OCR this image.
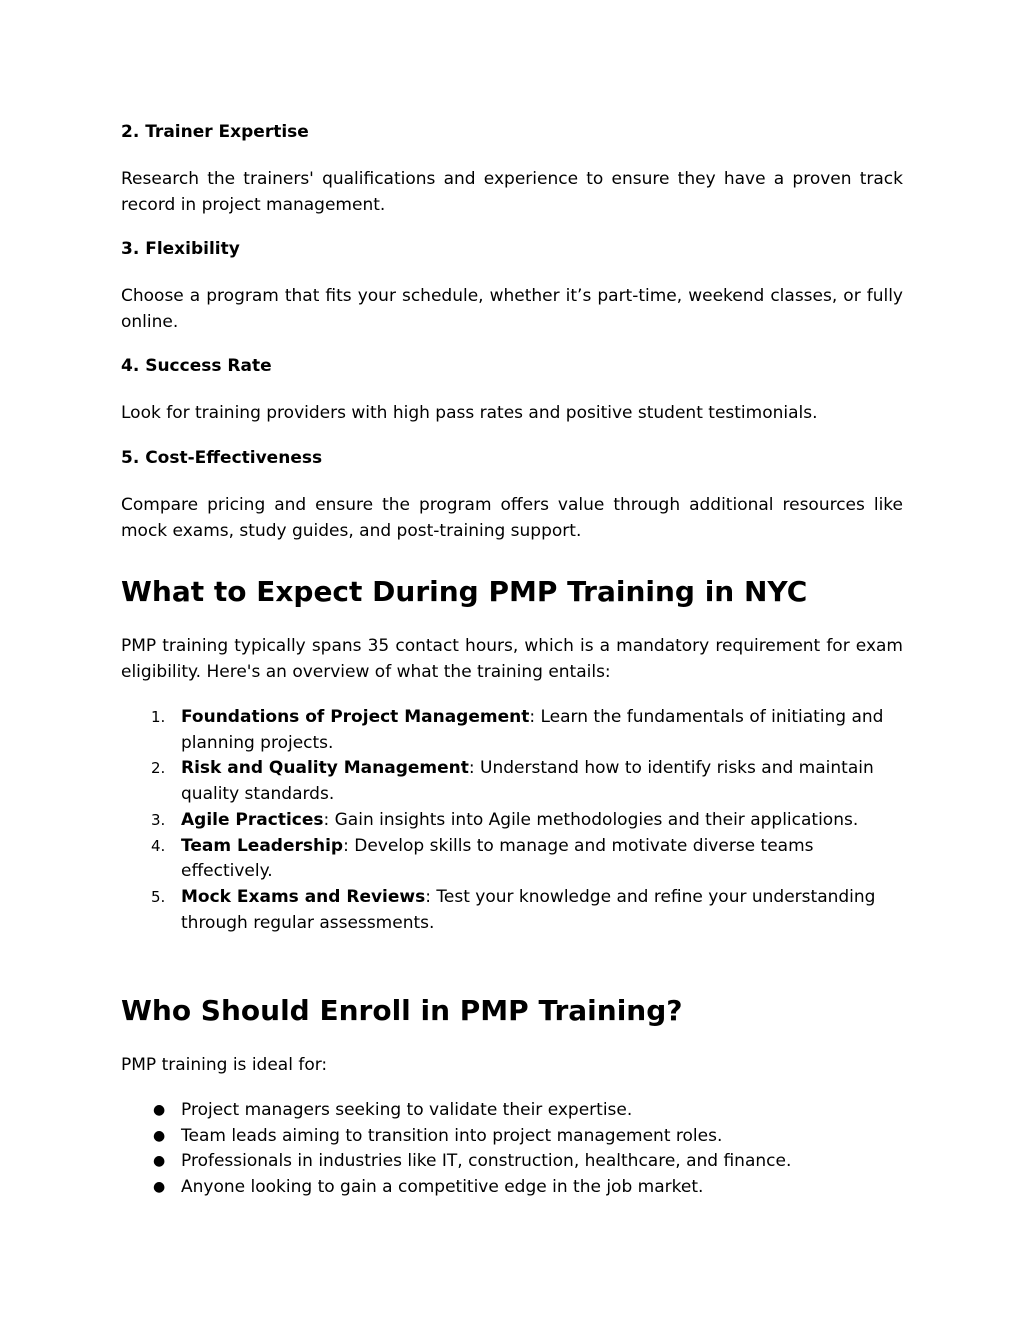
2. Trainer Expertise

Research the trainers' qualifications and experience to ensure they have a proven track record in project management.

3. Flexibility

Choose a program that fits your schedule, whether it’s part-time, weekend classes, or fully online.

4. Success Rate

Look for training providers with high pass rates and positive student testimonials.

5. Cost-Effectiveness

Compare pricing and ensure the program offers value through additional resources like mock exams, study guides, and post-training support.

What to Expect During PMP Training in NYC

PMP training typically spans 35 contact hours, which is a mandatory requirement for exam eligibility. Here's an overview of what the training entails:

1. Foundations of Project Management: Learn the fundamentals of initiating and planning projects.
2. Risk and Quality Management: Understand how to identify risks and maintain quality standards.
3. Agile Practices: Gain insights into Agile methodologies and their applications.
4. Team Leadership: Develop skills to manage and motivate diverse teams effectively.
5. Mock Exams and Reviews: Test your knowledge and refine your understanding through regular assessments.
Who Should Enroll in PMP Training?

PMP training is ideal for:

● Project managers seeking to validate their expertise.
● Team leads aiming to transition into project management roles.
● Professionals in industries like IT, construction, healthcare, and finance.
● Anyone looking to gain a competitive edge in the job market.
